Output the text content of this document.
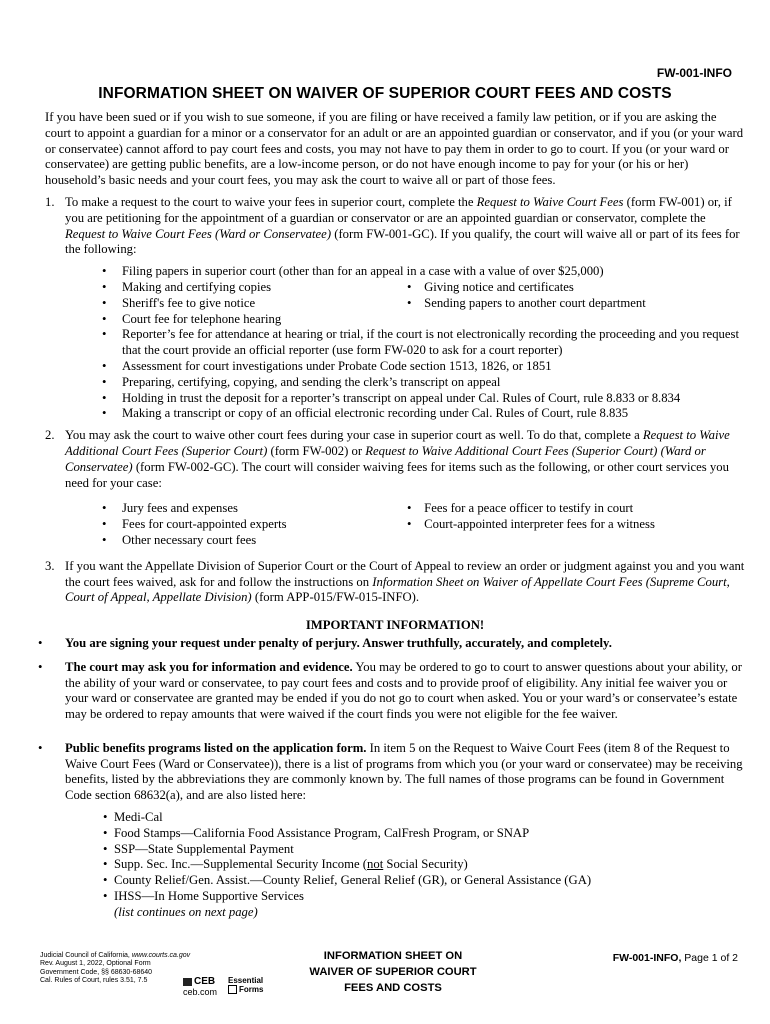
FW-001-INFO
INFORMATION SHEET ON WAIVER OF SUPERIOR COURT FEES AND COSTS

If you have been sued or if you wish to sue someone, if you are filing or have received a family law petition, or if you are asking the court to appoint a guardian for a minor or a conservator for an adult or are an appointed guardian or conservator, and if you (or your ward or conservatee) cannot afford to pay court fees and costs, you may not have to pay them in order to go to court. If you (or your ward or conservatee) are getting public benefits, are a low-income person, or do not have enough income to pay for your (or his or her) household’s basic needs and your court fees, you may ask the court to waive all or part of those fees.

1. To make a request to the court to waive your fees in superior court, complete the Request to Waive Court Fees (form FW-001) or, if you are petitioning for the appointment of a guardian or conservator or are an appointed guardian or conservator, complete the Request to Waive Court Fees (Ward or Conservatee) (form FW-001-GC). If you qualify, the court will waive all or part of its fees for the following:
• Filing papers in superior court (other than for an appeal in a case with a value of over $25,000)
• Making and certifying copies	•    Giving notice and certificates
• Sheriff's fee to give notice	•    Sending papers to another court department
• Court fee for telephone hearing
• Reporter’s fee for attendance at hearing or trial, if the court is not electronically recording the proceeding and you request that the court provide an official reporter (use form FW-020 to ask for a court reporter)
• Assessment for court investigations under Probate Code section 1513, 1826, or 1851
• Preparing, certifying, copying, and sending the clerk’s transcript on appeal
• Holding in trust the deposit for a reporter’s transcript on appeal under Cal. Rules of Court, rule 8.833 or 8.834
• Making a transcript or copy of an official electronic recording under Cal. Rules of Court, rule 8.835
2. You may ask the court to waive other court fees during your case in superior court as well. To do that, complete a Request to Waive Additional Court Fees (Superior Court) (form FW-002) or Request to Waive Additional Court Fees (Superior Court) (Ward or Conservatee) (form FW-002-GC). The court will consider waiving fees for items such as the following, or other court services you need for your case:
• Jury fees and expenses	•    Fees for a peace officer to testify in court
• Fees for court-appointed experts	•    Court-appointed interpreter fees for a witness
• Other necessary court fees
3. If you want the Appellate Division of Superior Court or the Court of Appeal to review an order or judgment against you and you want the court fees waived, ask for and follow the instructions on Information Sheet on Waiver of Appellate Court Fees (Supreme Court, Court of Appeal, Appellate Division) (form APP-015/FW-015-INFO).
IMPORTANT INFORMATION!
• You are signing your request under penalty of perjury. Answer truthfully, accurately, and completely.
• The court may ask you for information and evidence. You may be ordered to go to court to answer questions about your ability, or the ability of your ward or conservatee, to pay court fees and costs and to provide proof of eligibility. Any initial fee waiver you or your ward or conservatee are granted may be ended if you do not go to court when asked. You or your ward’s or conservatee’s estate may be ordered to repay amounts that were waived if the court finds you were not eligible for the fee waiver.
• Public benefits programs listed on the application form. In item 5 on the Request to Waive Court Fees (item 8 of the Request to Waive Court Fees (Ward or Conservatee)), there is a list of programs from which you (or your ward or conservatee) may be receiving benefits, listed by the abbreviations they are commonly known by. The full names of those programs can be found in Government Code section 68632(a), and are also listed here:
• Medi-Cal
• Food Stamps—California Food Assistance Program, CalFresh Program, or SNAP
• SSP—State Supplemental Payment
• Supp. Sec. Inc.—Supplemental Security Income (not Social Security)
• County Relief/Gen. Assist.—County Relief, General Relief (GR), or General Assistance (GA)
• IHSS—In Home Supportive Services
(list continues on next page)
Judicial Council of California, www.courts.ca.gov
Rev. August 1, 2022, Optional Form
Government Code, §§ 68630-68640
Cal. Rules of Court, rules 3.51, 7.5	CEB
ceb.com
Essential
Forms
INFORMATION SHEET ON
WAIVER OF SUPERIOR COURT
FEES AND COSTS
FW-001-INFO, Page 1 of 2
